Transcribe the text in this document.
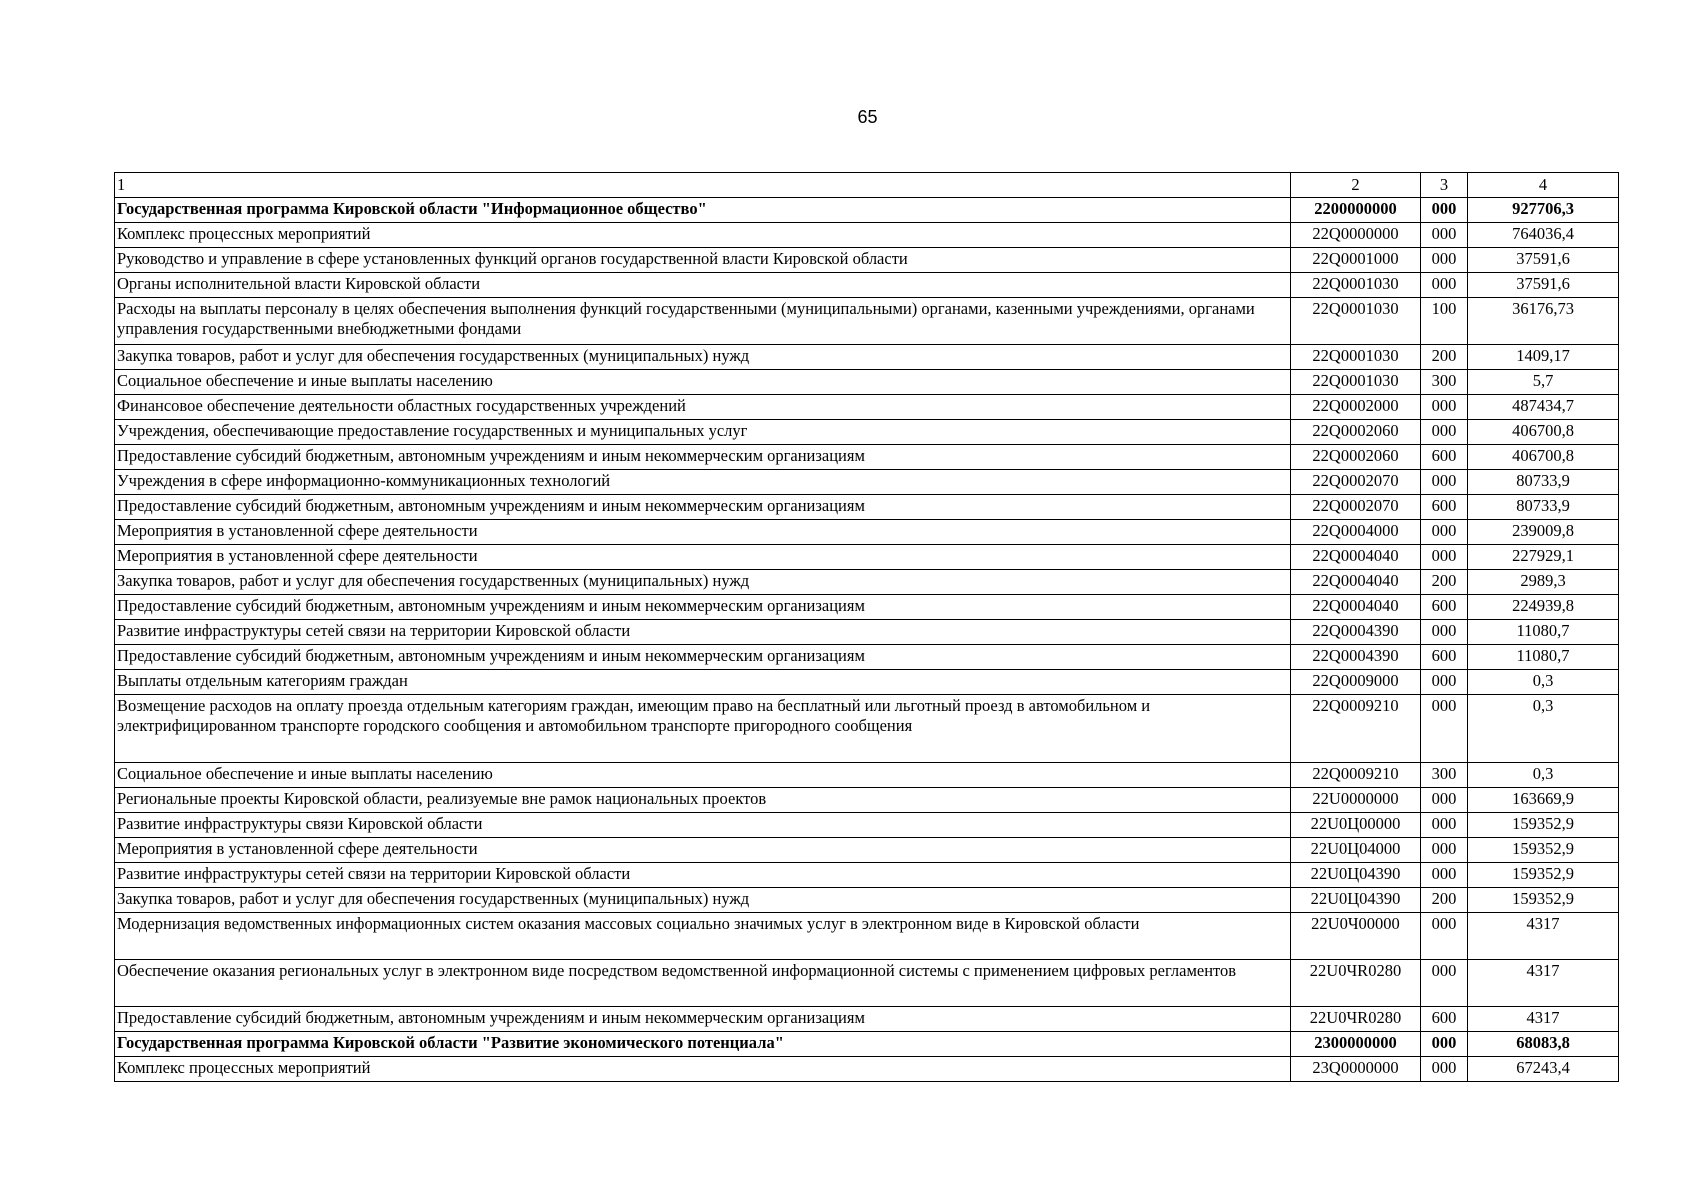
65
1	2	3	4
Государственная программа Кировской области "Информационное общество"	2200000000	000	927706,3
Комплекс процессных мероприятий	22Q0000000	000	764036,4
Руководство и управление в сфере установленных функций органов государственной власти Кировской области	22Q0001000	000	37591,6
Органы исполнительной власти Кировской области	22Q0001030	000	37591,6
Расходы на выплаты персоналу в целях обеспечения выполнения функций государственными (муниципальными) органами, казенными учреждениями, органами управления государственными внебюджетными фондами	22Q0001030	100	36176,73
Закупка товаров, работ и услуг для обеспечения государственных (муниципальных) нужд	22Q0001030	200	1409,17
Социальное обеспечение и иные выплаты населению	22Q0001030	300	5,7
Финансовое обеспечение деятельности областных государственных учреждений	22Q0002000	000	487434,7
Учреждения, обеспечивающие предоставление государственных и муниципальных услуг	22Q0002060	000	406700,8
Предоставление субсидий бюджетным, автономным учреждениям и иным некоммерческим организациям	22Q0002060	600	406700,8
Учреждения в сфере информационно-коммуникационных технологий	22Q0002070	000	80733,9
Предоставление субсидий бюджетным, автономным учреждениям и иным некоммерческим организациям	22Q0002070	600	80733,9
Мероприятия в установленной сфере деятельности	22Q0004000	000	239009,8
Мероприятия в установленной сфере деятельности	22Q0004040	000	227929,1
Закупка товаров, работ и услуг для обеспечения государственных (муниципальных) нужд	22Q0004040	200	2989,3
Предоставление субсидий бюджетным, автономным учреждениям и иным некоммерческим организациям	22Q0004040	600	224939,8
Развитие инфраструктуры сетей связи на территории Кировской области	22Q0004390	000	11080,7
Предоставление субсидий бюджетным, автономным учреждениям и иным некоммерческим организациям	22Q0004390	600	11080,7
Выплаты отдельным категориям граждан	22Q0009000	000	0,3
Возмещение расходов на оплату проезда отдельным категориям граждан, имеющим право на бесплатный или льготный проезд в автомобильном и электрифицированном транспорте городского сообщения и автомобильном транспорте пригородного сообщения	22Q0009210	000	0,3
Социальное обеспечение и иные выплаты населению	22Q0009210	300	0,3
Региональные проекты Кировской области, реализуемые вне рамок национальных проектов	22U0000000	000	163669,9
Развитие инфраструктуры связи Кировской области	22U0Ц00000	000	159352,9
Мероприятия в установленной сфере деятельности	22U0Ц04000	000	159352,9
Развитие инфраструктуры сетей связи на территории Кировской области	22U0Ц04390	000	159352,9
Закупка товаров, работ и услуг для обеспечения государственных (муниципальных) нужд	22U0Ц04390	200	159352,9
Модернизация ведомственных информационных систем оказания массовых социально значимых услуг в электронном виде в Кировской области	22U0Ч00000	000	4317
Обеспечение оказания региональных услуг в электронном виде посредством ведомственной информационной системы с применением цифровых регламентов	22U0ЧR0280	000	4317
Предоставление субсидий бюджетным, автономным учреждениям и иным некоммерческим организациям	22U0ЧR0280	600	4317
Государственная программа Кировской области "Развитие экономического потенциала"	2300000000	000	68083,8
Комплекс процессных мероприятий	23Q0000000	000	67243,4
